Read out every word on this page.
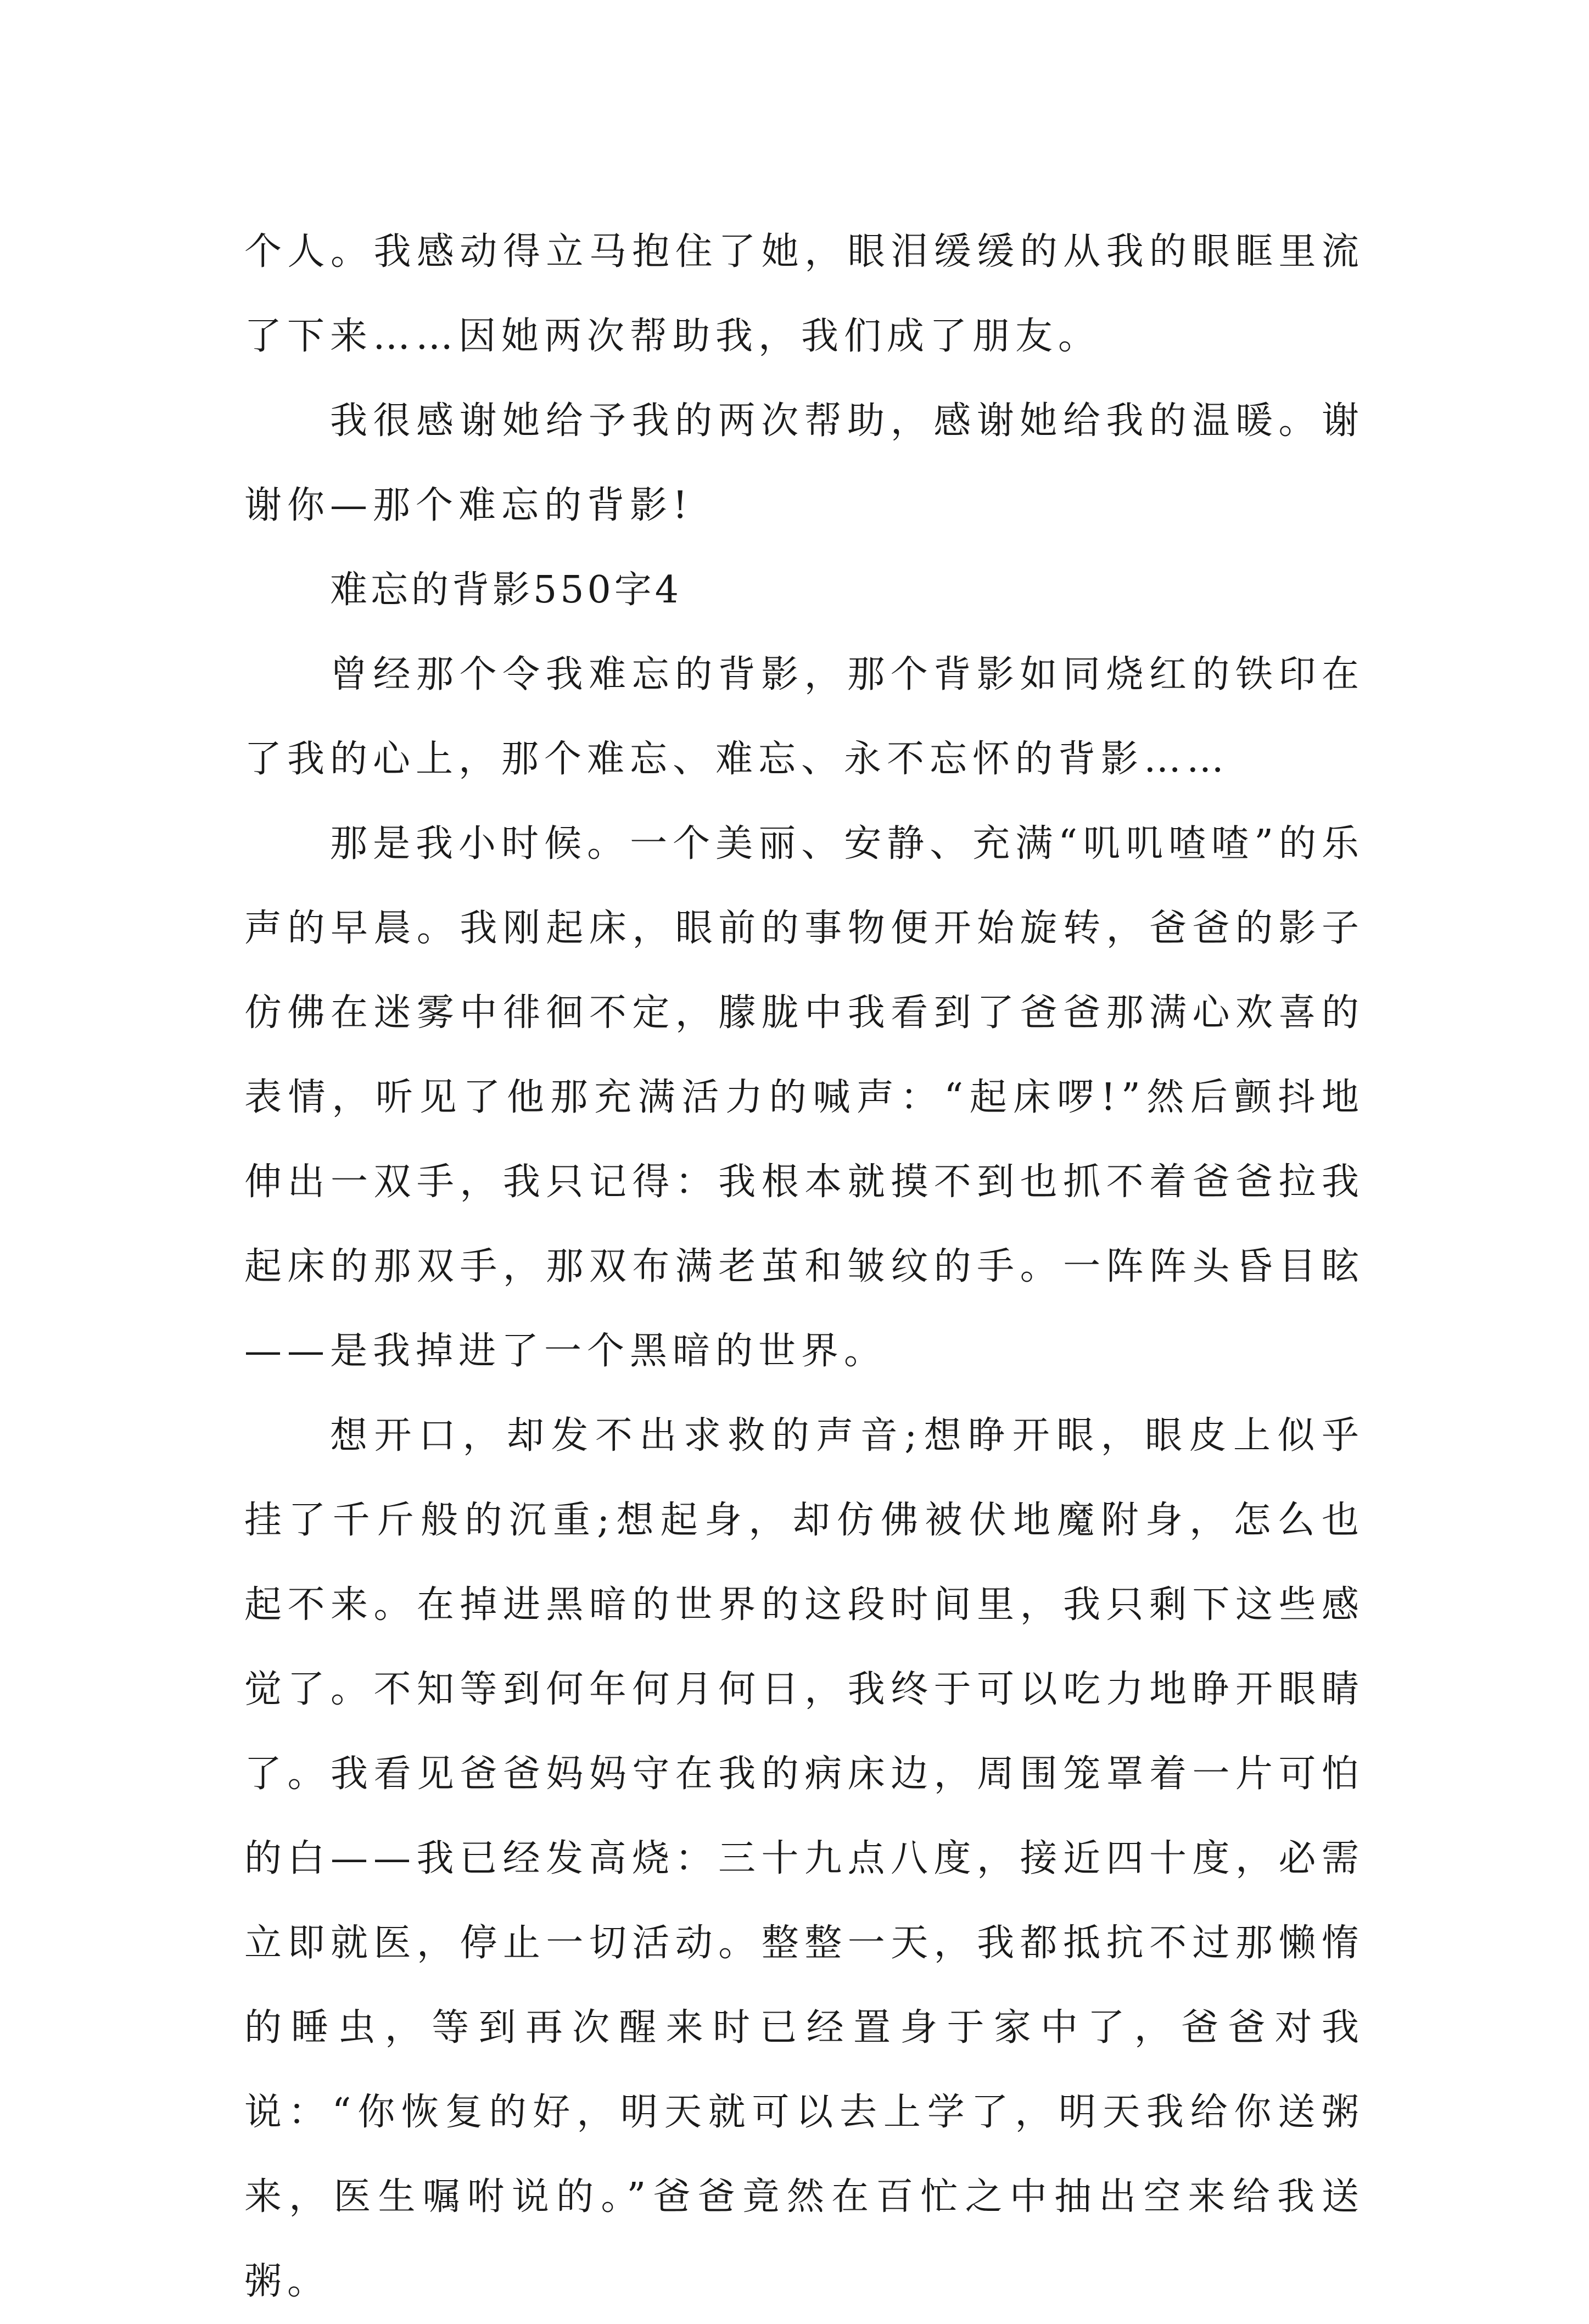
个人。我感动得立马抱住了她，眼泪缓缓的从我的眼眶里流了下来……因她两次帮助我，我们成了朋友。

我很感谢她给予我的两次帮助，感谢她给我的温暖。谢谢你—那个难忘的背影!

难忘的背影550字4

曾经那个令我难忘的背影，那个背影如同烧红的铁印在了我的心上，那个难忘、难忘、永不忘怀的背影……

那是我小时候。一个美丽、安静、充满“叽叽喳喳”的乐声的早晨。我刚起床，眼前的事物便开始旋转，爸爸的影子仿佛在迷雾中徘徊不定，朦胧中我看到了爸爸那满心欢喜的表情，听见了他那充满活力的喊声：“起床啰!”然后颤抖地伸出一双手，我只记得：我根本就摸不到也抓不着爸爸拉我起床的那双手，那双布满老茧和皱纹的手。一阵阵头昏目眩——是我掉进了一个黑暗的世界。

想开口，却发不出求救的声音;想睁开眼，眼皮上似乎挂了千斤般的沉重;想起身，却仿佛被伏地魔附身，怎么也起不来。在掉进黑暗的世界的这段时间里，我只剩下这些感觉了。不知等到何年何月何日，我终于可以吃力地睁开眼睛了。我看见爸爸妈妈守在我的病床边，周围笼罩着一片可怕的白——我已经发高烧：三十九点八度，接近四十度，必需立即就医，停止一切活动。整整一天，我都抵抗不过那懒惰的睡虫，等到再次醒来时已经置身于家中了，爸爸对我说：“你恢复的好，明天就可以去上学了，明天我给你送粥来，医生嘱咐说的。”爸爸竟然在百忙之中抽出空来给我送粥。
